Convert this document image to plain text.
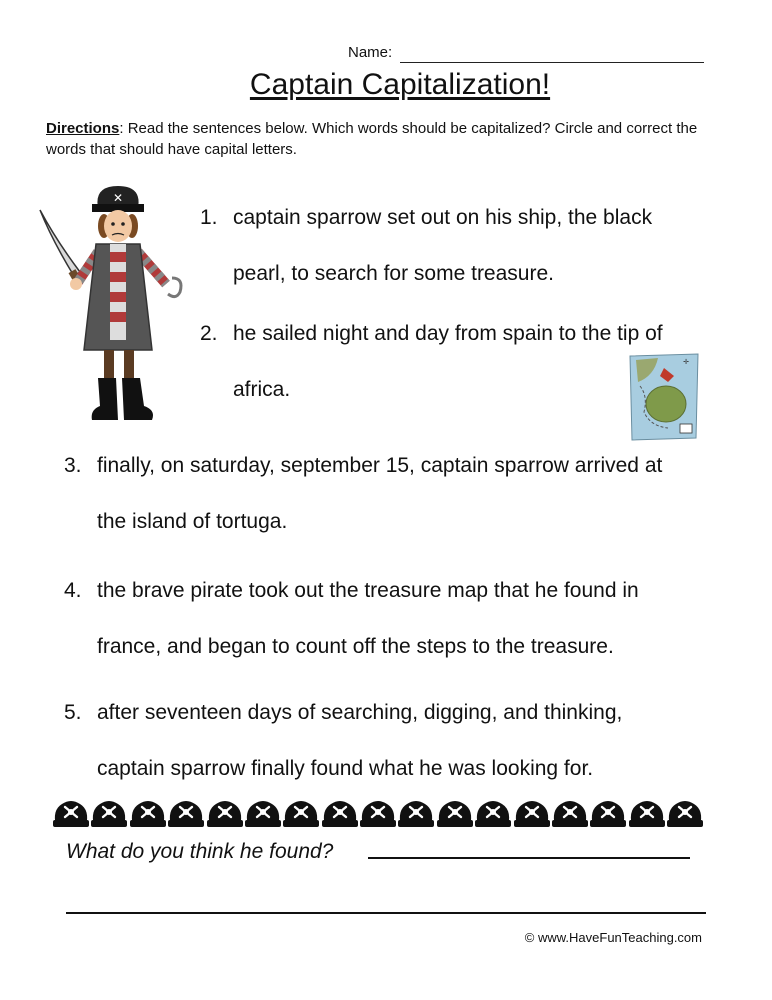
Name:
Captain Capitalization!
Directions: Read the sentences below. Which words should be capitalized? Circle and correct the words that should have capital letters.
✕
✛
1. captain sparrow set out on his ship, the black
pearl, to search for some treasure.
2. he sailed night and day from spain to the tip of
africa.
3. finally, on saturday, september 15, captain sparrow arrived at
the island of tortuga.
4. the brave pirate took out the treasure map that he found in
france, and began to count off the steps to the treasure.
5. after seventeen days of searching, digging, and thinking,
captain sparrow finally found what he was looking for.
What do you think he found?
© www.HaveFunTeaching.com
